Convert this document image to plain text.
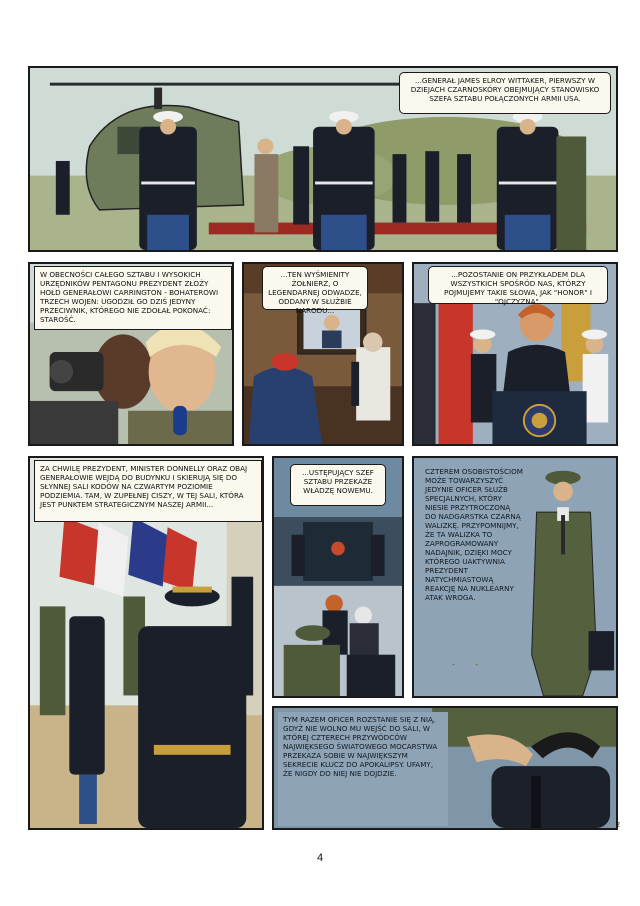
...GENERAŁ JAMES ELROY WITTAKER, PIERWSZY W DZIEJACH CZARNOSKÓRY OBEJMUJĄCY STANOWISKO SZEFA SZTABU POŁĄCZONYCH ARMII USA.
W OBECNOŚCI CAŁEGO SZTABU I WYSOKICH URZĘDNIKÓW PENTAGONU PREZYDENT ZŁOŻY HOŁD GENERAŁOWI CARRINGTON - BOHATEROWI TRZECH WOJEN: UGODZIŁ GO DZIŚ JEDYNY PRZECIWNIK, KTÓREGO NIE ZDOŁAŁ POKONAĆ: STAROŚĆ.
...TEN WYŚMIENITY ŻOŁNIERZ, O LEGENDARNEJ ODWADZE, ODDANY W SŁUŻBIE NARODU...
...POZOSTANIE ON PRZYKŁADEM DLA WSZYSTKICH SPOŚRÓD NAS, KTÓRZY POJMUJEMY TAKIE SŁOWA, JAK "HONOR" I "OJCZYZNA".
ZA CHWILĘ PREZYDENT, MINISTER DONNELLY ORAZ OBAJ GENERAŁOWIE WEJDĄ DO BUDYNKU I SKIERUJĄ SIĘ DO SŁYNNEJ SALI KODÓW NA CZWARTYM POZIOMIE PODZIEMIA. TAM, W ZUPEŁNEJ CISZY, W TEJ SALI, KTÓRA JEST PUNKTEM STRATEGICZNYM NASZEJ ARMII...
...USTĘPUJĄCY SZEF SZTABU PRZEKAŻE WŁADZĘ NOWEMU.
CZTEREM OSOBISTOŚCIOM MOŻE TOWARZYSZYĆ JEDYNIE OFICER SŁUŻB SPECJALNYCH, KTÓRY NIESIE PRZYTROCZONĄ DO NADGARSTKA CZARNĄ WALIZKĘ. PRZYPOMNIJMY, ŻE TA WALIZKA TO ZAPROGRAMOWANY NADAJNIK, DZIĘKI MOCY KTÓREGO UAKTYWNIA PREZYDENT NATYCHMIASTOWĄ REAKCJĘ NA NUKLEARNY ATAK WROGA.
TYM RAZEM OFICER ROZSTANIE SIĘ Z NIĄ, GDYŻ NIE WOLNO MU WEJŚĆ DO SALI, W KTÓREJ CZTERECH PRZYWÓDCÓW NAJWIĘKSEGO ŚWIATOWEGO MOCARSTWA PRZEKAZA SOBIE W NAJWIĘKSZYM SEKRECIE KLUCZ DO APOKALIPSY. UFAMY, ŻE NIGDY DO NIEJ NIE DOJDZIE.
4
2
